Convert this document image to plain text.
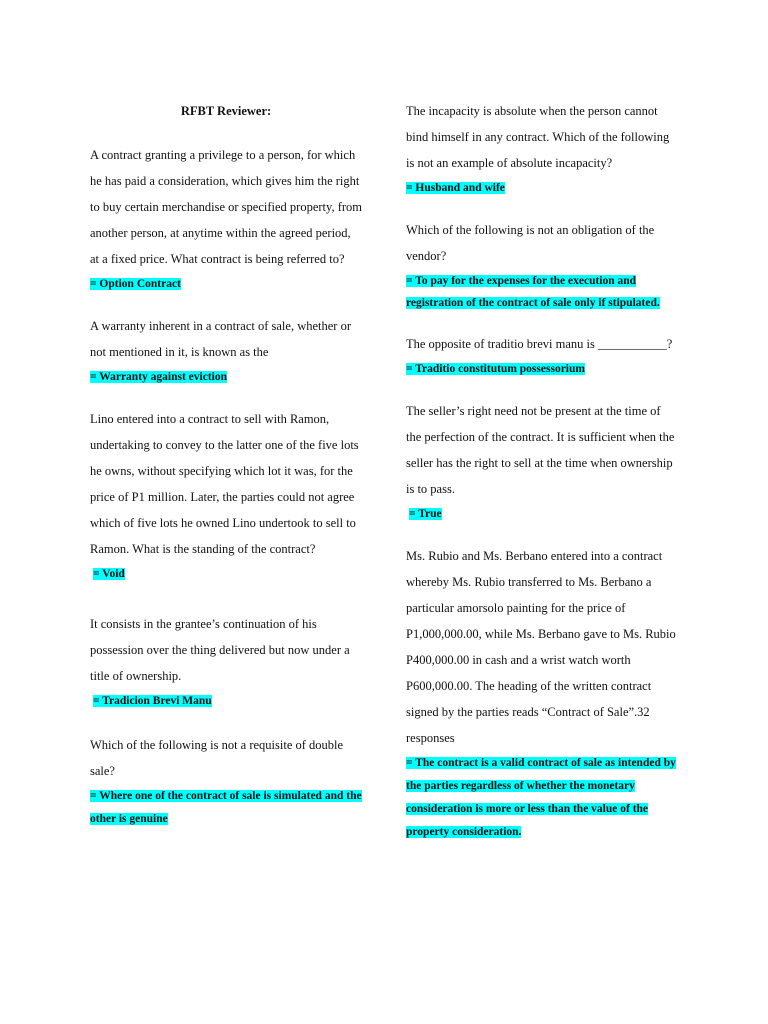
RFBT Reviewer:

A contract granting a privilege to a person, for which he has paid a consideration, which gives him the right to buy certain merchandise or specified property, from another person, at anytime within the agreed period, at a fixed price. What contract is being referred to?

= Option Contract

A warranty inherent in a contract of sale, whether or not mentioned in it, is known as the

= Warranty against eviction

Lino entered into a contract to sell with Ramon, undertaking to convey to the latter one of the five lots he owns, without specifying which lot it was, for the price of P1 million. Later, the parties could not agree which of five lots he owned Lino undertook to sell to Ramon. What is the standing of the contract?

= Void

It consists in the grantee’s continuation of his possession over the thing delivered but now under a title of ownership.

= Tradicion Brevi Manu

Which of the following is not a requisite of double sale?

= Where one of the contract of sale is simulated and the other is genuine

The incapacity is absolute when the person cannot bind himself in any contract. Which of the following is not an example of absolute incapacity?

= Husband and wife

Which of the following is not an obligation of the vendor?

= To pay for the expenses for the execution and registration of the contract of sale only if stipulated.

The opposite of traditio brevi manu is ___________?

= Traditio constitutum possessorium

The seller’s right need not be present at the time of the perfection of the contract. It is sufficient when the seller has the right to sell at the time when ownership is to pass.

= True

Ms. Rubio and Ms. Berbano entered into a contract whereby Ms. Rubio transferred to Ms. Berbano a particular amorsolo painting for the price of P1,000,000.00, while Ms. Berbano gave to Ms. Rubio P400,000.00 in cash and a wrist watch worth P600,000.00. The heading of the written contract signed by the parties reads “Contract of Sale”.32 responses

= The contract is a valid contract of sale as intended by the parties regardless of whether the monetary consideration is more or less than the value of the property consideration.
